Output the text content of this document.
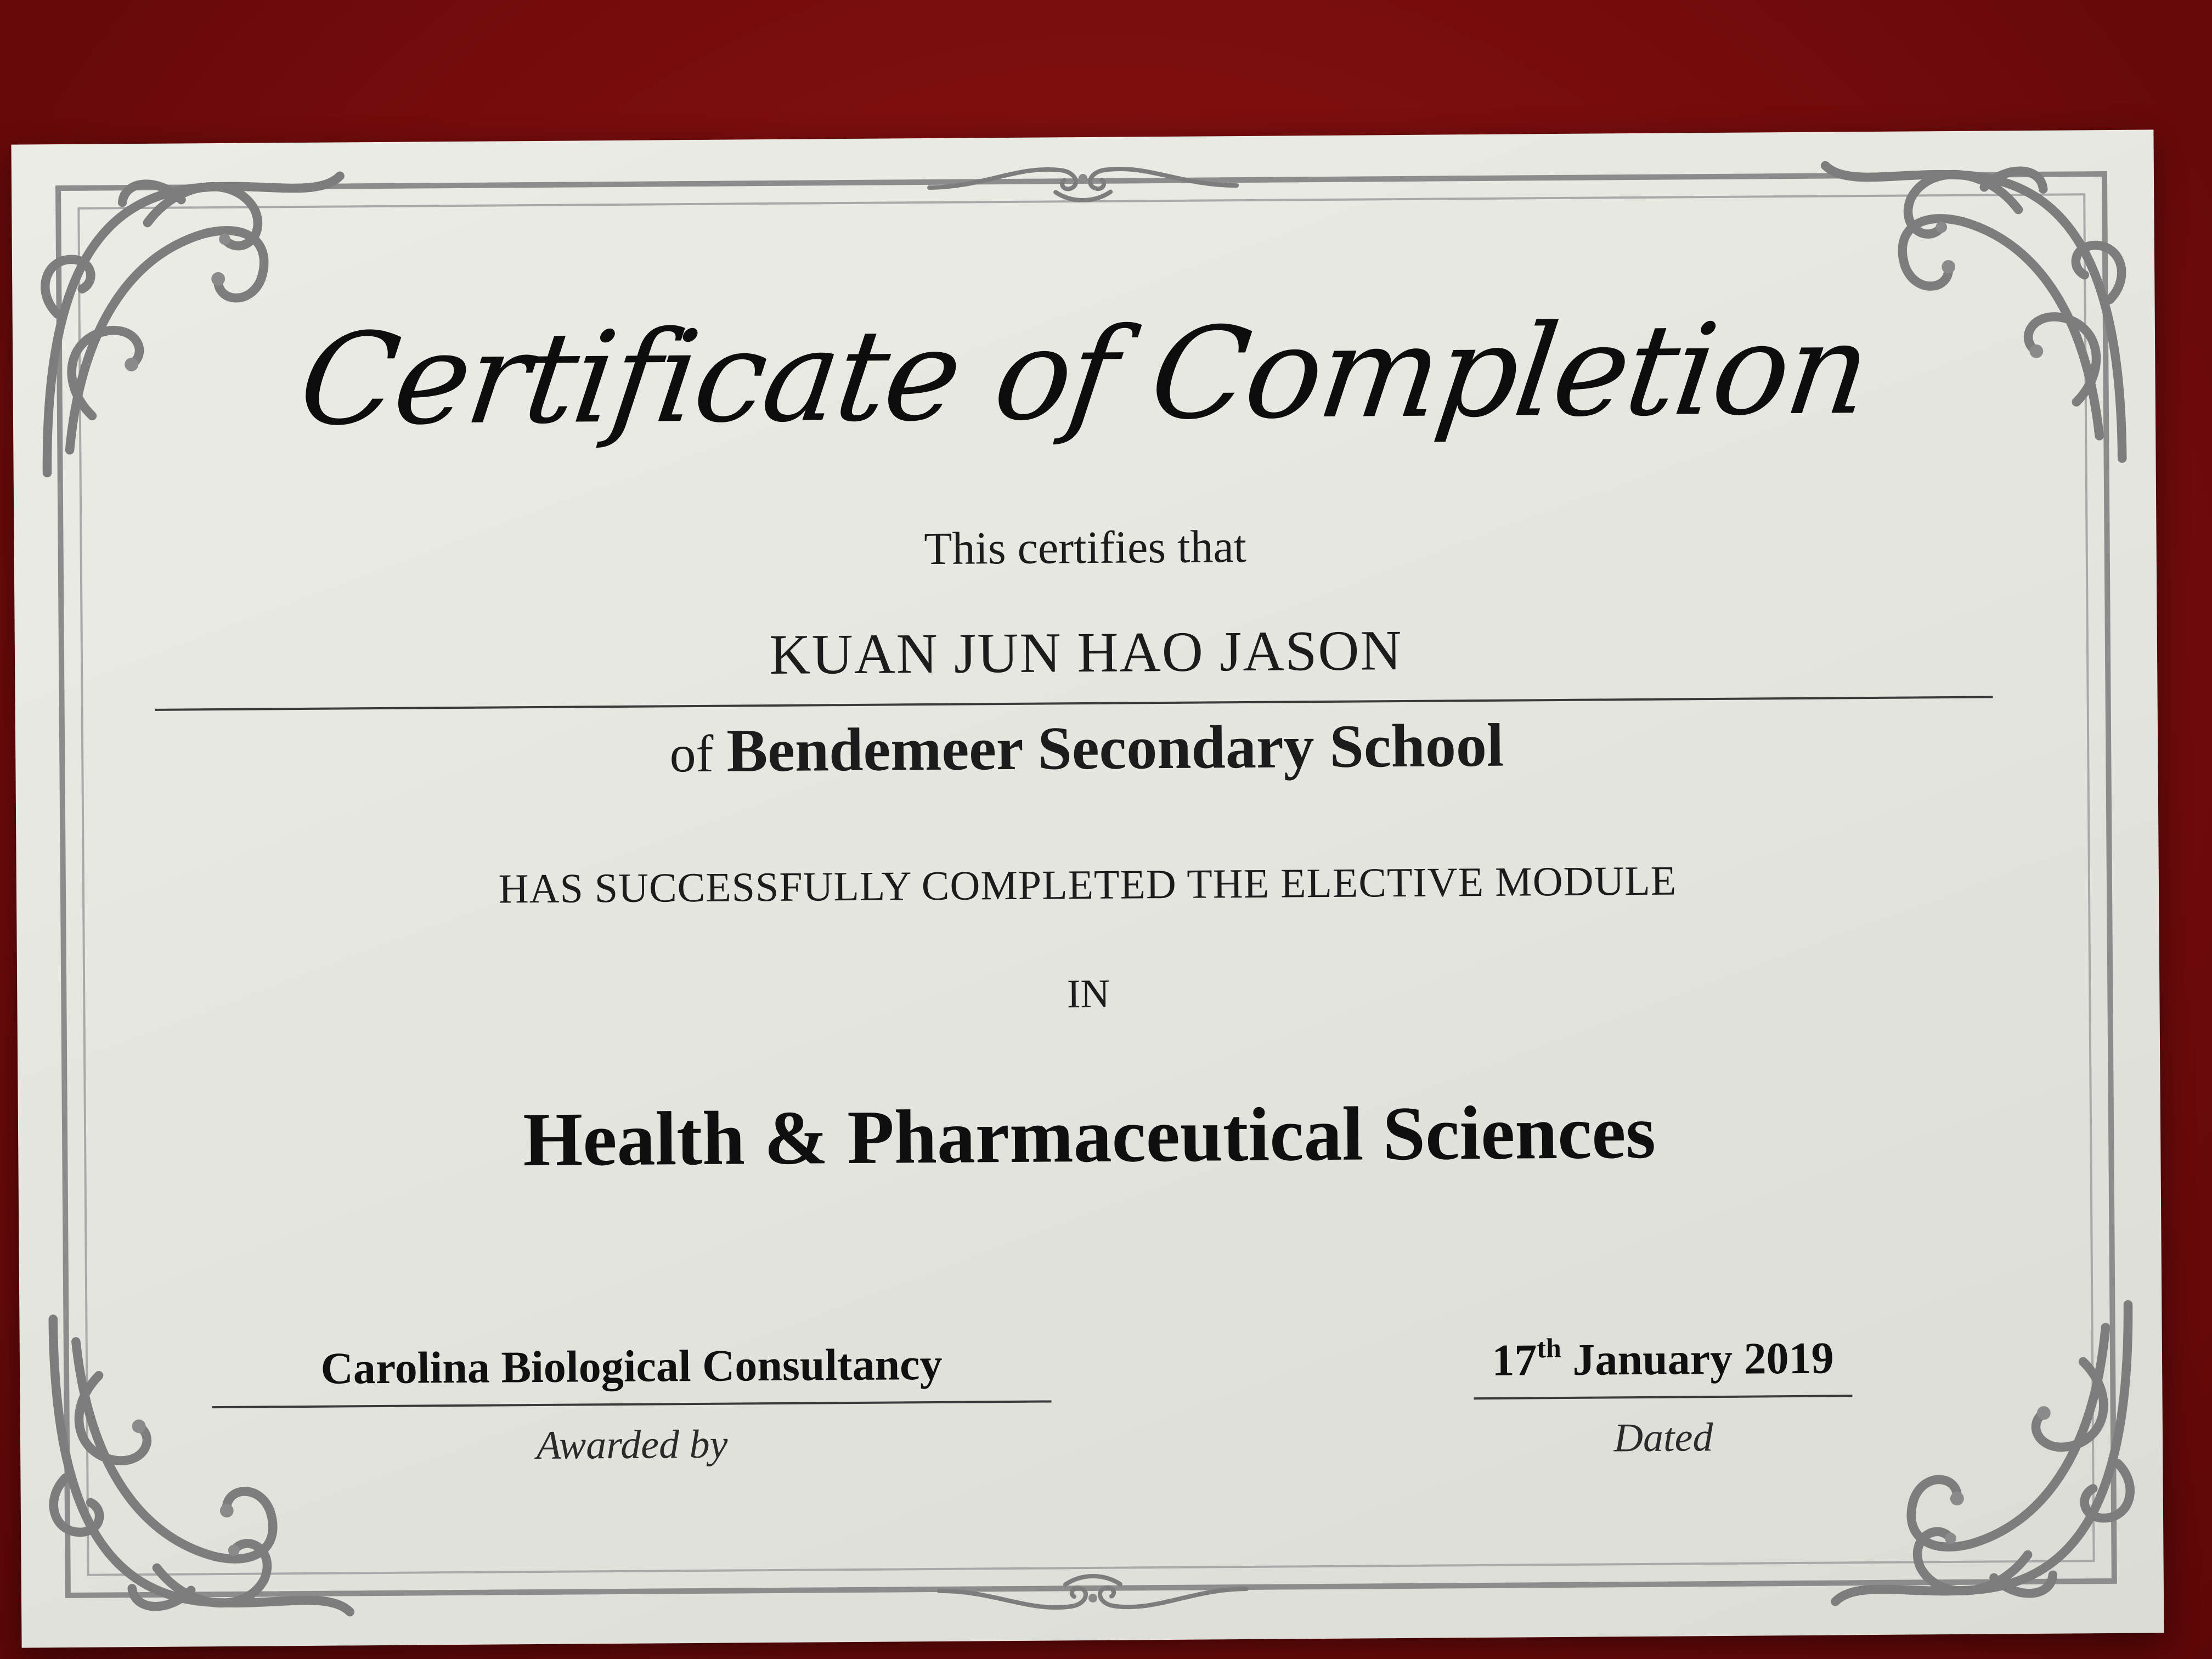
Certificate of Completion
This certifies that
KUAN JUN HAO JASON
of Bendemeer Secondary School
HAS SUCCESSFULLY COMPLETED THE ELECTIVE MODULE
IN
Health & Pharmaceutical Sciences
Carolina Biological Consultancy
Awarded by
17th January 2019
Dated
